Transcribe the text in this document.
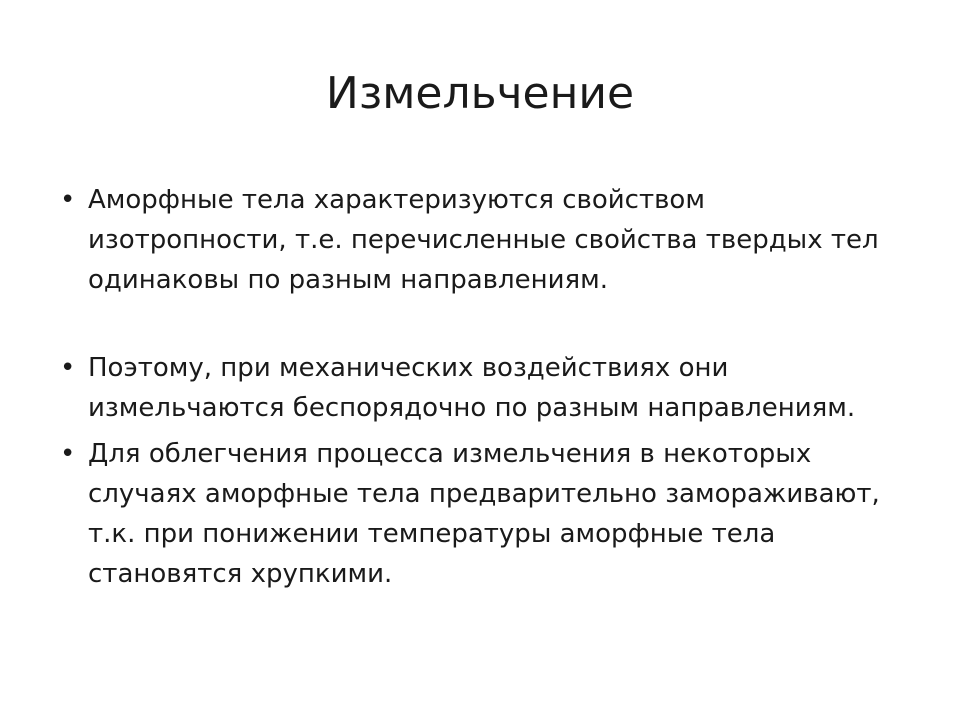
Измельчение
• Аморфные тела характеризуются свойством изотропности, т.е. перечисленные свойства твердых тел одинаковы по разным направлениям.
• Поэтому, при механических воздействиях они измельчаются беспорядочно по разным направлениям.
• Для облегчения процесса измельчения в некоторых случаях аморфные тела предварительно замораживают, т.к. при понижении температуры аморфные тела становятся хрупкими.
